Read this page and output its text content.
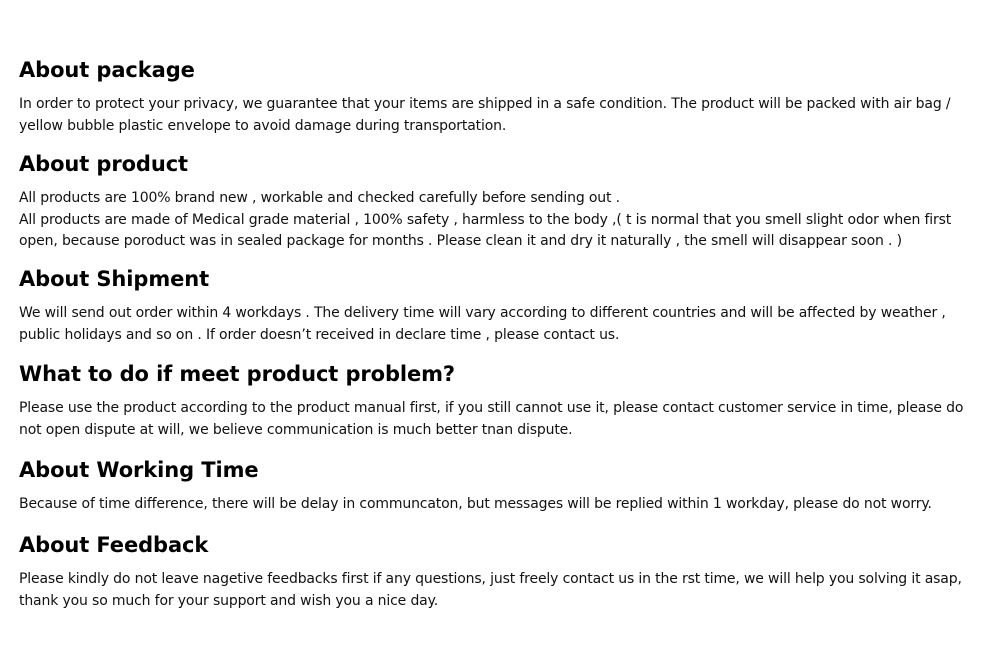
About package

In order to protect your privacy, we guarantee that your items are shipped in a safe condition. The product will be packed with air bag / yellow bubble plastic envelope to avoid damage during transportation.

About product

All products are 100% brand new , workable and checked carefully before sending out .

All products are made of Medical grade material , 100% safety , harmless to the body ,( t is normal that you smell slight odor when first open, because poroduct was in sealed package for months . Please clean it and dry it naturally , the smell will disappear soon . )

About Shipment

We will send out order within 4 workdays . The delivery time will vary according to different countries and will be affected by weather , public holidays and so on . If order doesn’t received in declare time , please contact us.

What to do if meet product problem?

Please use the product according to the product manual first, if you still cannot use it, please contact customer service in time, please do not open dispute at will, we believe communication is much better tnan dispute.

About Working Time

Because of time difference, there will be delay in communcaton, but messages will be replied within 1 workday, please do not worry.

About Feedback

Please kindly do not leave nagetive feedbacks first if any questions, just freely contact us in the rst time, we will help you solving it asap, thank you so much for your support and wish you a nice day.
